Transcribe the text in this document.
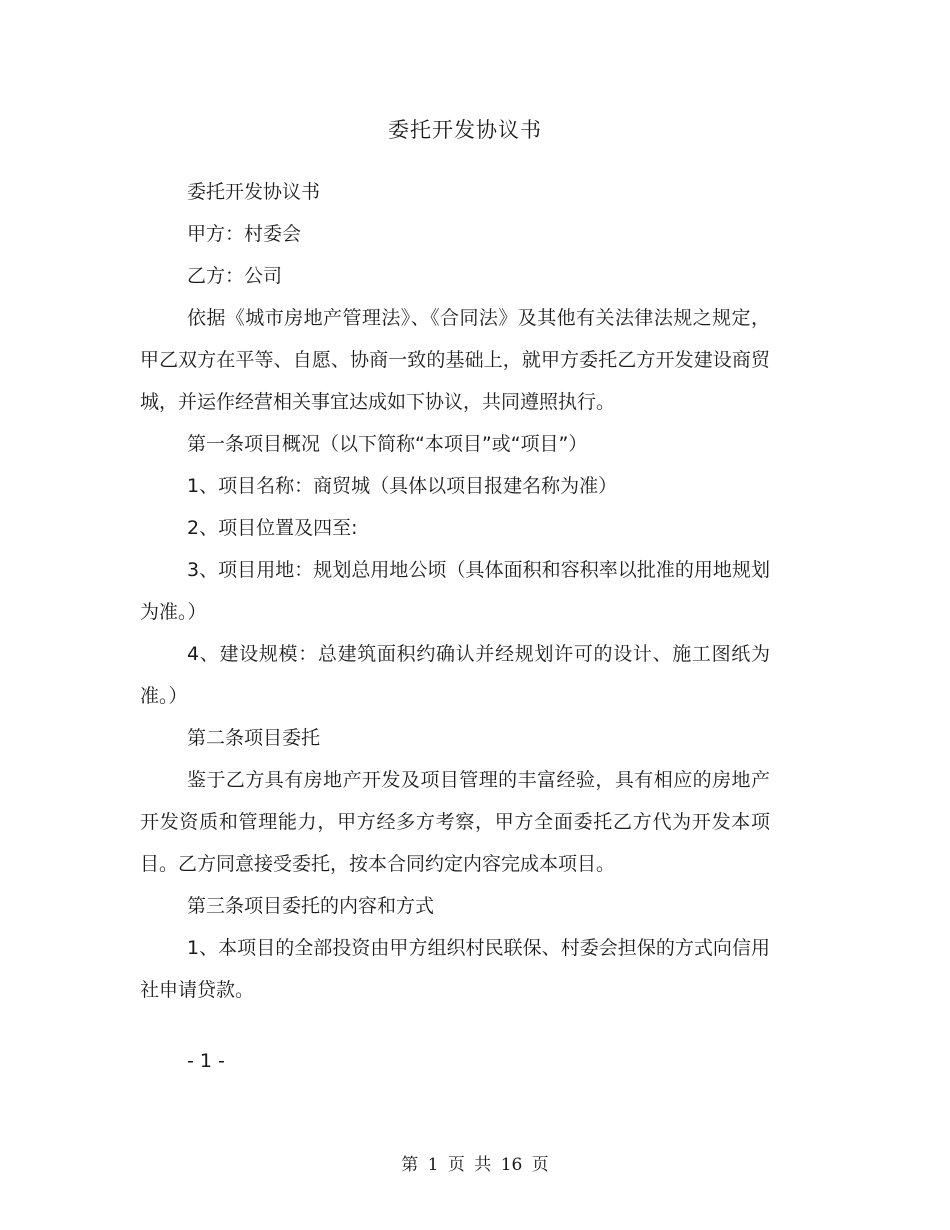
委托开发协议书

委托开发协议书

甲方：村委会

乙方：公司

依据《城市房地产管理法》、《合同法》及其他有关法律法规之规定，甲乙双方在平等、自愿、协商一致的基础上，就甲方委托乙方开发建设商贸城，并运作经营相关事宜达成如下协议，共同遵照执行。

第一条项目概况（以下简称“本项目”或“项目”）

1、项目名称：商贸城（具体以项目报建名称为准）

2、项目位置及四至:

3、项目用地：规划总用地公顷（具体面积和容积率以批准的用地规划为准。）

4、建设规模：总建筑面积约确认并经规划许可的设计、施工图纸为准。）

第二条项目委托

鉴于乙方具有房地产开发及项目管理的丰富经验，具有相应的房地产开发资质和管理能力，甲方经多方考察，甲方全面委托乙方代为开发本项目。乙方同意接受委托，按本合同约定内容完成本项目。

第三条项目委托的内容和方式

1、本项目的全部投资由甲方组织村民联保、村委会担保的方式向信用社申请贷款。

- 1 -
第 1 页 共 16 页
